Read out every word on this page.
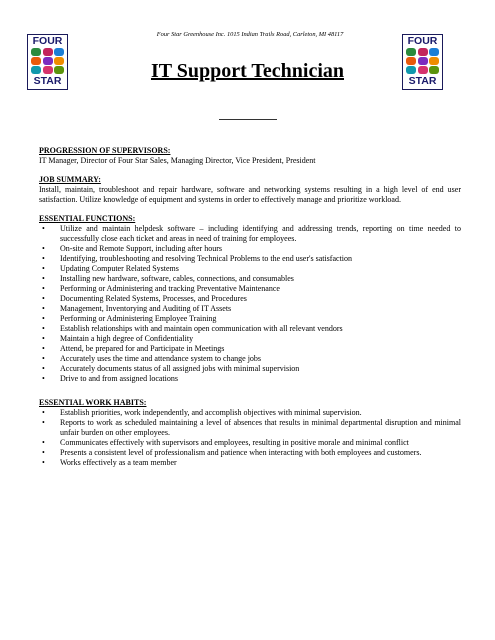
FOUR
STAR
Four Star Greenhouse Inc. 1015 Indian Trails Road, Carleton, MI 48117
IT Support Technician
FOUR
STAR
PROGRESSION OF SUPERVISORS:
IT Manager, Director of Four Star Sales, Managing Director, Vice President, President
JOB SUMMARY:
Install, maintain, troubleshoot and repair hardware, software and networking systems resulting in a high level of end user satisfaction. Utilize knowledge of equipment and systems in order to effectively manage and prioritize workload.
ESSENTIAL FUNCTIONS:
• Utilize and maintain helpdesk software – including identifying and addressing trends, reporting on time needed to successfully close each ticket and areas in need of training for employees.
• On-site and Remote Support, including after hours
• Identifying, troubleshooting and resolving Technical Problems to the end user's satisfaction
• Updating Computer Related Systems
• Installing new hardware, software, cables, connections, and consumables
• Performing or Administering and tracking Preventative Maintenance
• Documenting Related Systems, Processes, and Procedures
• Management, Inventorying and Auditing of IT Assets
• Performing or Administering Employee Training
• Establish relationships with and maintain open communication with all relevant vendors
• Maintain a high degree of Confidentiality
• Attend, be prepared for and Participate in Meetings
• Accurately uses the time and attendance system to change jobs
• Accurately documents status of all assigned jobs with minimal supervision
• Drive to and from assigned locations
ESSENTIAL WORK HABITS:
• Establish priorities, work independently, and accomplish objectives with minimal supervision.
• Reports to work as scheduled maintaining a level of absences that results in minimal departmental disruption and minimal unfair burden on other employees.
• Communicates effectively with supervisors and employees, resulting in positive morale and minimal conflict
• Presents a consistent level of professionalism and patience when interacting with both employees and customers.
• Works effectively as a team member
